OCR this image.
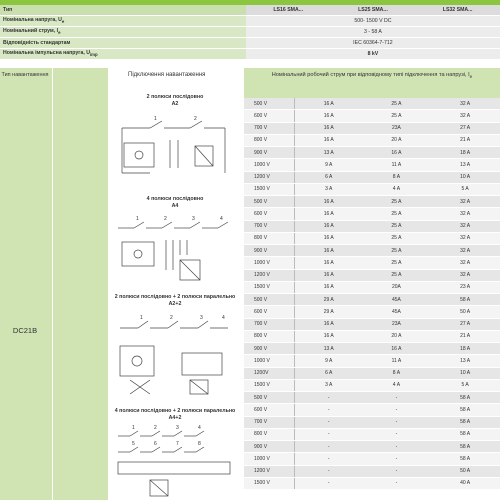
Тип	LS16 SMA...	LS25 SMA...	LS32 SMA...
Номінальна напруга, $U_e$	500- 1500 V DC		
Номінальний струм, $I_e$	3 - 58 A		
Відповідність стандартам	IEC 60364-7-712		
Номінальна імпульсна напруга, $U_{imp}$	8 kV		
Тип навантаження
DC21B
Підключення навантаження
2 полюси послідовно
A2
1	2
4 полюси послідовно
A4
1	2	3	4
2 полюси послідовно + 2 полюси паралельно
A2+2
1	2	3	4
4 полюси послідовно + 2 полюси паралельно
A4+2
1	2	3	4
5	6	7	8
Номінальний робочий струм при відповідному типі підключення та напрузі, $I_e$
500 V	16 A	25 A	32 A
600 V	16 A	25 A	32 A
700 V	16 A	23A	27 A
800 V	16 A	20 A	21 A
900 V	13 A	16 A	18 A
1000 V	9 A	11 A	13 A
1200 V	6 A	8 A	10 A
1500 V	3 A	4 A	5 A
500 V	16 A	25 A	32 A
600 V	16 A	25 A	32 A
700 V	16 A	25 A	32 A
800 V	16 A	25 A	32 A
900 V	16 A	25 A	32 A
1000 V	16 A	25 A	32 A
1200 V	16 A	25 A	32 A
1500 V	16 A	20A	23 A
500 V	29 A	45A	58 A
600 V	29 A	45A	50 A
700 V	16 A	23A	27 A
800 V	16 A	20 A	21 A
900 V	13 A	16 A	18 A
1000 V	9 A	11 A	13 A
1200V	6 A	8 A	10 A
1500 V	3 A	4 A	5 A
500 V	-	-	58 A
600 V	-	-	58 A
700 V	-	-	58 A
800 V	-	-	58 A
900 V	-	-	58 A
1000 V	-	-	58 A
1200 V	-	-	50 A
1500 V	-	-	40 A
